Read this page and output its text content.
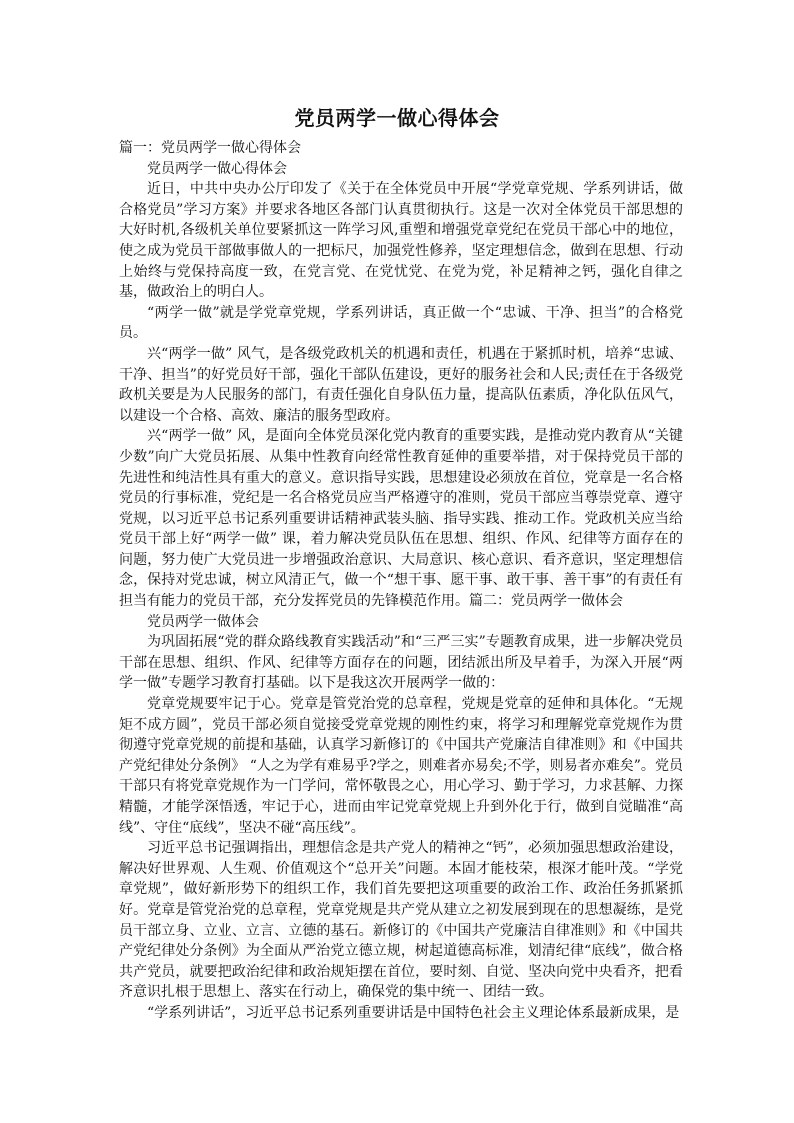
党员两学一做心得体会

篇一：党员两学一做心得体会

党员两学一做心得体会

近日，中共中央办公厅印发了《关于在全体党员中开展“学党章党规、学系列讲话，做合格党员”学习方案》并要求各地区各部门认真贯彻执行。这是一次对全体党员干部思想的大好时机,各级机关单位要紧抓这一阵学习风,重塑和增强党章党纪在党员干部心中的地位，使之成为党员干部做事做人的一把标尺，加强党性修养，坚定理想信念，做到在思想、行动上始终与党保持高度一致，在党言党、在党忧党、在党为党，补足精神之钙，强化自律之基，做政治上的明白人。

“两学一做”就是学党章党规，学系列讲话，真正做一个“忠诚、干净、担当”的合格党员。

兴“两学一做” 风气，是各级党政机关的机遇和责任，机遇在于紧抓时机，培养“忠诚、干净、担当”的好党员好干部，强化干部队伍建设，更好的服务社会和人民;责任在于各级党政机关要是为人民服务的部门，有责任强化自身队伍力量，提高队伍素质，净化队伍风气，以建设一个合格、高效、廉洁的服务型政府。

兴“两学一做” 风，是面向全体党员深化党内教育的重要实践，是推动党内教育从“关键少数”向广大党员拓展、从集中性教育向经常性教育延伸的重要举措，对于保持党员干部的先进性和纯洁性具有重大的意义。意识指导实践，思想建设必须放在首位，党章是一名合格党员的行事标准，党纪是一名合格党员应当严格遵守的准则，党员干部应当尊崇党章、遵守党规，以习近平总书记系列重要讲话精神武装头脑、指导实践、推动工作。党政机关应当给党员干部上好“两学一做” 课，着力解决党员队伍在思想、组织、作风、纪律等方面存在的问题，努力使广大党员进一步增强政治意识、大局意识、核心意识、看齐意识，坚定理想信念，保持对党忠诚，树立风清正气，做一个“想干事、愿干事、敢干事、善干事”的有责任有担当有能力的党员干部，充分发挥党员的先锋模范作用。篇二：党员两学一做体会

党员两学一做体会

为巩固拓展“党的群众路线教育实践活动”和“三严三实”专题教育成果，进一步解决党员干部在思想、组织、作风、纪律等方面存在的问题，团结派出所及早着手，为深入开展“两学一做”专题学习教育打基础。以下是我这次开展两学一做的：

党章党规要牢记于心。党章是管党治党的总章程，党规是党章的延伸和具体化。“无规矩不成方圆”，党员干部必须自觉接受党章党规的刚性约束，将学习和理解党章党规作为贯彻遵守党章党规的前提和基础，认真学习新修订的《中国共产党廉洁自律准则》和《中国共产党纪律处分条例》 “人之为学有难易乎?学之，则难者亦易矣;不学，则易者亦难矣”。党员干部只有将党章党规作为一门学问，常怀敬畏之心，用心学习、勤于学习，力求甚解、力探精髓，才能学深悟透，牢记于心，进而由牢记党章党规上升到外化于行，做到自觉瞄准“高线”、守住“底线”，坚决不碰“高压线”。

习近平总书记强调指出，理想信念是共产党人的精神之“钙”，必须加强思想政治建设，解决好世界观、人生观、价值观这个“总开关”问题。本固才能枝荣，根深才能叶茂。“学党章党规”，做好新形势下的组织工作，我们首先要把这项重要的政治工作、政治任务抓紧抓好。党章是管党治党的总章程，党章党规是共产党从建立之初发展到现在的思想凝练，是党员干部立身、立业、立言、立德的基石。新修订的《中国共产党廉洁自律准则》和《中国共产党纪律处分条例》为全面从严治党立德立规，树起道德高标准，划清纪律“底线”，做合格共产党员，就要把政治纪律和政治规矩摆在首位，要时刻、自觉、坚决向党中央看齐，把看齐意识扎根于思想上、落实在行动上，确保党的集中统一、团结一致。

“学系列讲话”，习近平总书记系列重要讲话是中国特色社会主义理论体系最新成果，是
